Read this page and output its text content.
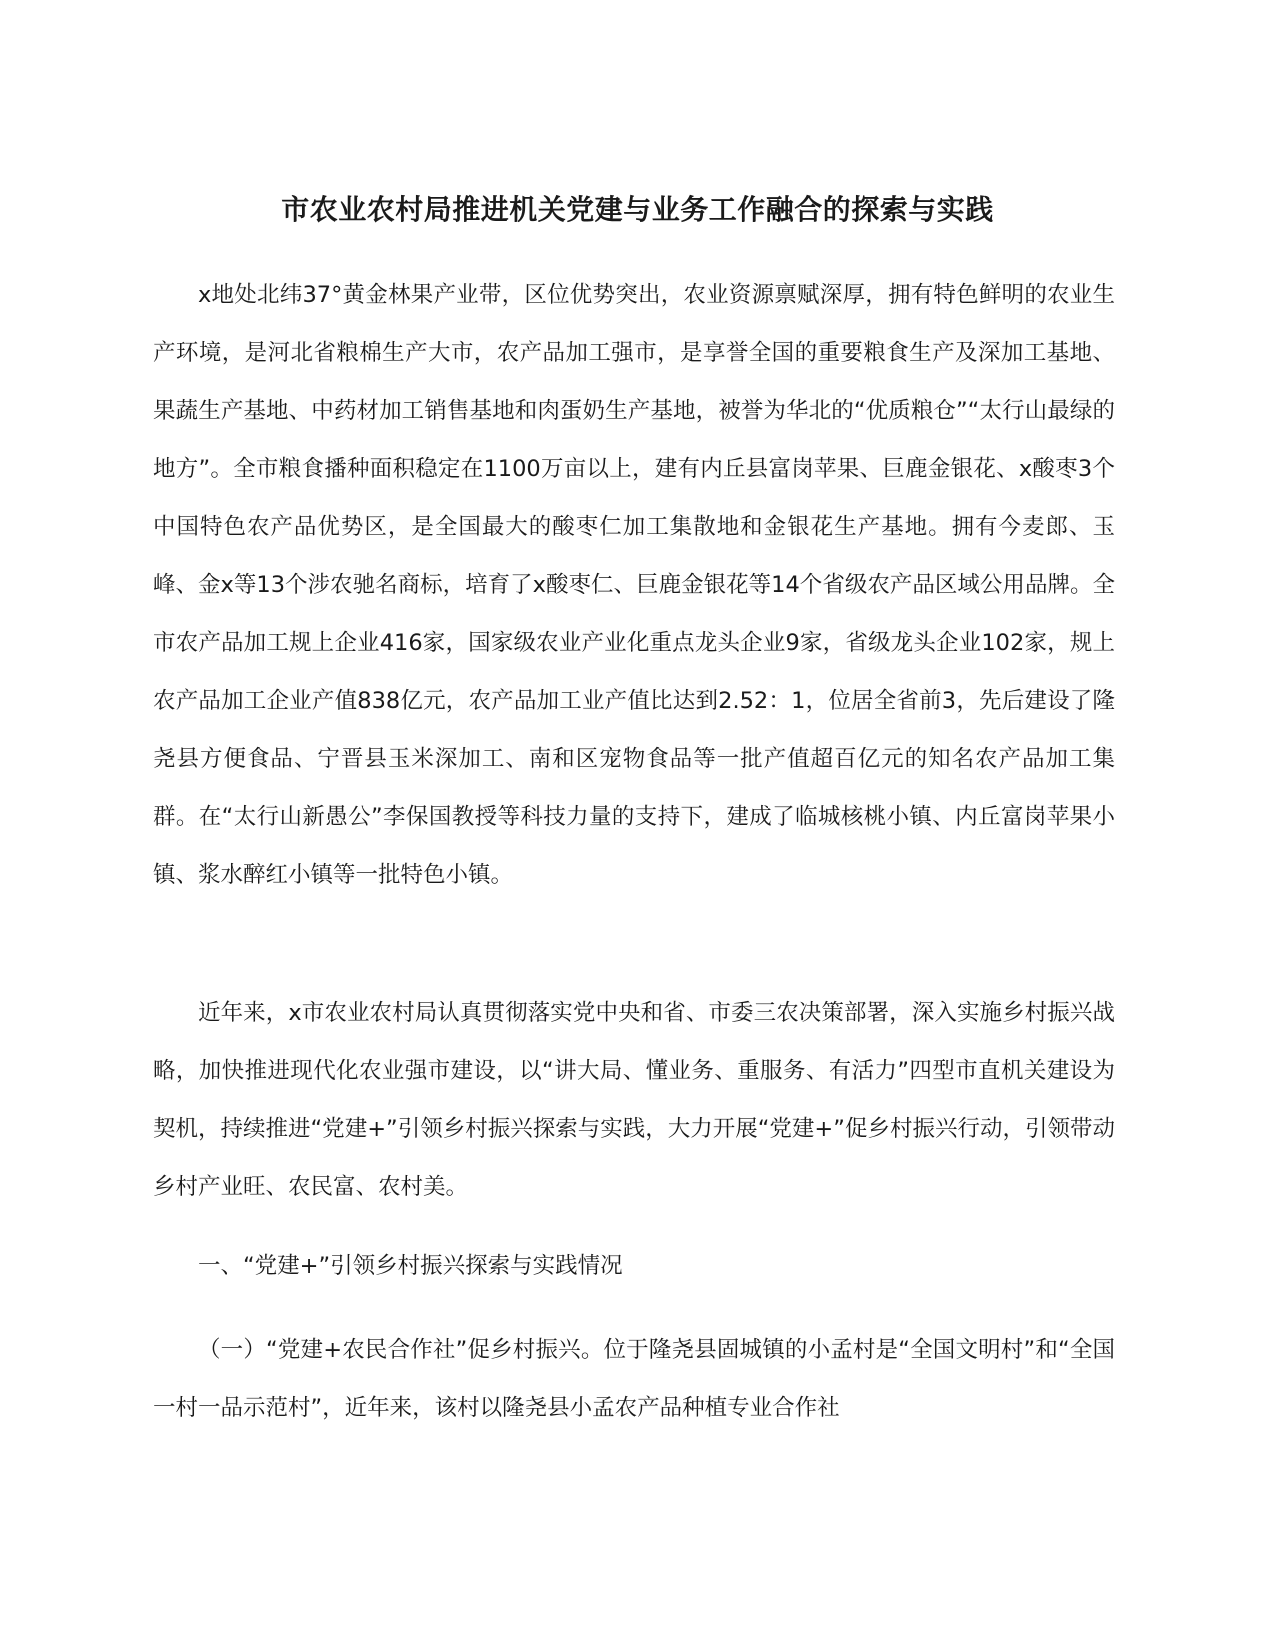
市农业农村局推进机关党建与业务工作融合的探索与实践

x地处北纬37°黄金林果产业带，区位优势突出，农业资源禀赋深厚，拥有特色鲜明的农业生产环境，是河北省粮棉生产大市，农产品加工强市，是享誉全国的重要粮食生产及深加工基地、果蔬生产基地、中药材加工销售基地和肉蛋奶生产基地，被誉为华北的“优质粮仓”“太行山最绿的地方”。全市粮食播种面积稳定在1100万亩以上，建有内丘县富岗苹果、巨鹿金银花、x酸枣3个中国特色农产品优势区，是全国最大的酸枣仁加工集散地和金银花生产基地。拥有今麦郎、玉峰、金x等13个涉农驰名商标，培育了x酸枣仁、巨鹿金银花等14个省级农产品区域公用品牌。全市农产品加工规上企业416家，国家级农业产业化重点龙头企业9家，省级龙头企业102家，规上农产品加工企业产值838亿元，农产品加工业产值比达到2.52：1，位居全省前3，先后建设了隆尧县方便食品、宁晋县玉米深加工、南和区宠物食品等一批产值超百亿元的知名农产品加工集群。在“太行山新愚公”李保国教授等科技力量的支持下，建成了临城核桃小镇、内丘富岗苹果小镇、浆水醉红小镇等一批特色小镇。

近年来，x市农业农村局认真贯彻落实党中央和省、市委三农决策部署，深入实施乡村振兴战略，加快推进现代化农业强市建设，以“讲大局、懂业务、重服务、有活力”四型市直机关建设为契机，持续推进“党建+”引领乡村振兴探索与实践，大力开展“党建+”促乡村振兴行动，引领带动乡村产业旺、农民富、农村美。

一、“党建+”引领乡村振兴探索与实践情况

（一）“党建+农民合作社”促乡村振兴。位于隆尧县固城镇的小孟村是“全国文明村”和“全国一村一品示范村”，近年来，该村以隆尧县小孟农产品种植专业合作社
